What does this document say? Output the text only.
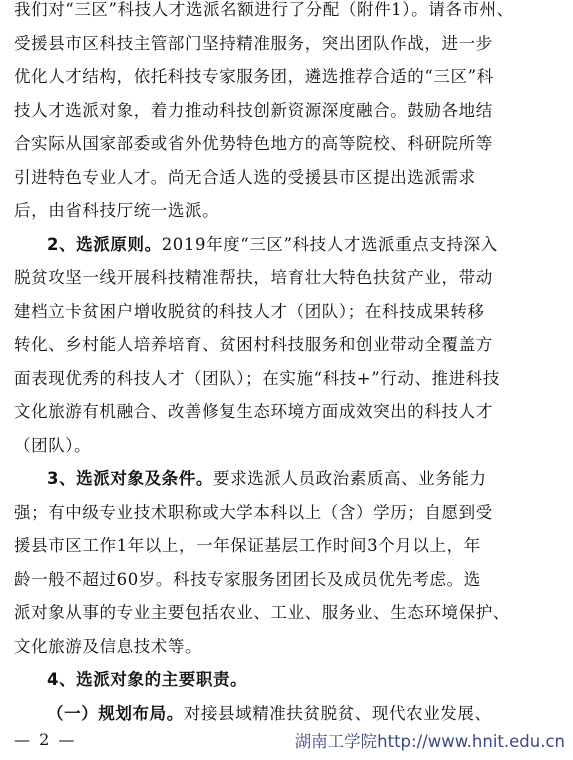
我们对“三区”科技人才选派名额进行了分配（附件1）。请各市州、
受援县市区科技主管部门坚持精准服务，突出团队作战，进一步
优化人才结构，依托科技专家服务团，遴选推荐合适的“三区”科
技人才选派对象，着力推动科技创新资源深度融合。鼓励各地结
合实际从国家部委或省外优势特色地方的高等院校、科研院所等
引进特色专业人才。尚无合适人选的受援县市区提出选派需求
后，由省科技厅统一选派。
2、选派原则。2019年度“三区”科技人才选派重点支持深入
脱贫攻坚一线开展科技精准帮扶，培育壮大特色扶贫产业，带动
建档立卡贫困户增收脱贫的科技人才（团队）；在科技成果转移
转化、乡村能人培养培育、贫困村科技服务和创业带动全覆盖方
面表现优秀的科技人才（团队）；在实施“科技+”行动、推进科技
文化旅游有机融合、改善修复生态环境方面成效突出的科技人才
（团队）。
3、选派对象及条件。要求选派人员政治素质高、业务能力
强；有中级专业技术职称或大学本科以上（含）学历；自愿到受
援县市区工作1年以上，一年保证基层工作时间3个月以上，年
龄一般不超过60岁。科技专家服务团团长及成员优先考虑。选
派对象从事的专业主要包括农业、工业、服务业、生态环境保护、
文化旅游及信息技术等。
4、选派对象的主要职责。
（一）规划布局。对接县域精准扶贫脱贫、现代农业发展、
— 2 —	湖南工学院http://www.hnit.edu.cn
